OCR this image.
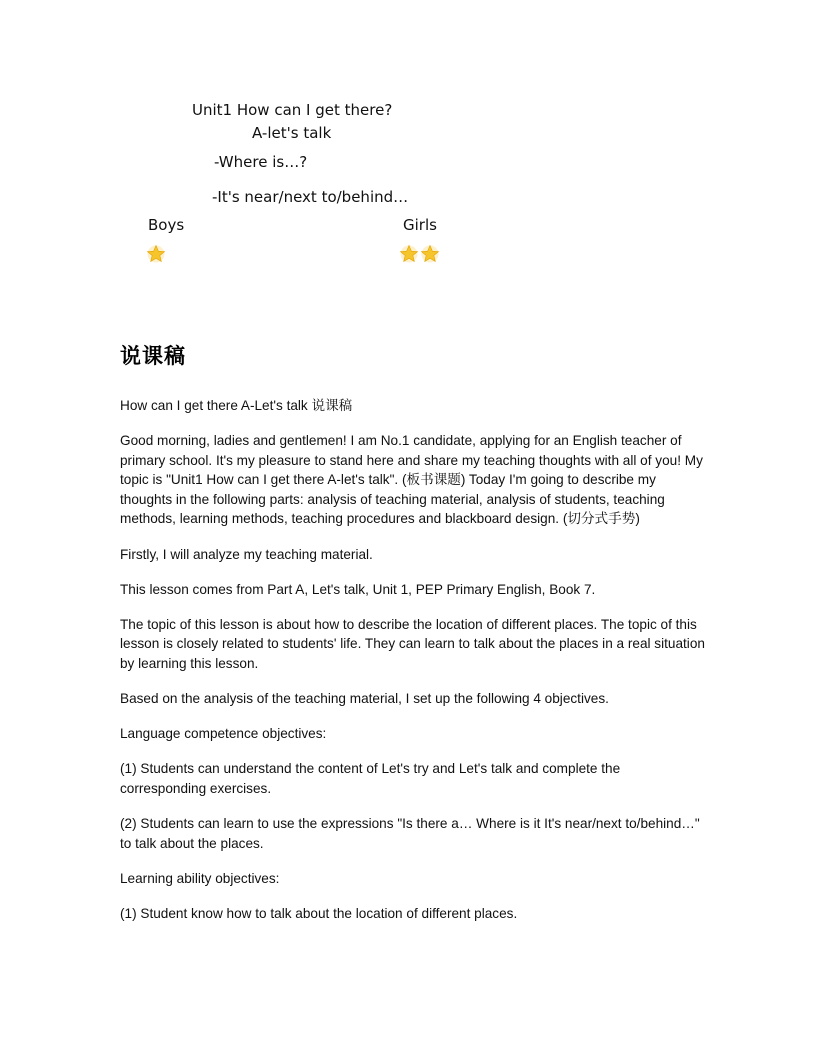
Unit1 How can I get there?
A-let's talk
-Where is…?
-It's near/next to/behind…
Boys	Girls
说课稿

How can I get there A-Let's talk 说课稿

Good morning, ladies and gentlemen! I am No.1 candidate, applying for an English teacher of primary school. It's my pleasure to stand here and share my teaching thoughts with all of you! My topic is "Unit1 How can I get there A-let's talk". (板书课题) Today I'm going to describe my thoughts in the following parts: analysis of teaching material, analysis of students, teaching methods, learning methods, teaching procedures and blackboard design. (切分式手势)

Firstly, I will analyze my teaching material.

This lesson comes from Part A, Let's talk, Unit 1, PEP Primary English, Book 7.

The topic of this lesson is about how to describe the location of different places. The topic of this lesson is closely related to students' life. They can learn to talk about the places in a real situation by learning this lesson.

Based on the analysis of the teaching material, I set up the following 4 objectives.

Language competence objectives:

(1) Students can understand the content of Let's try and Let's talk and complete the corresponding exercises.

(2) Students can learn to use the expressions "Is there a… Where is it It's near/next to/behind…" to talk about the places.

Learning ability objectives:

(1) Student know how to talk about the location of different places.
